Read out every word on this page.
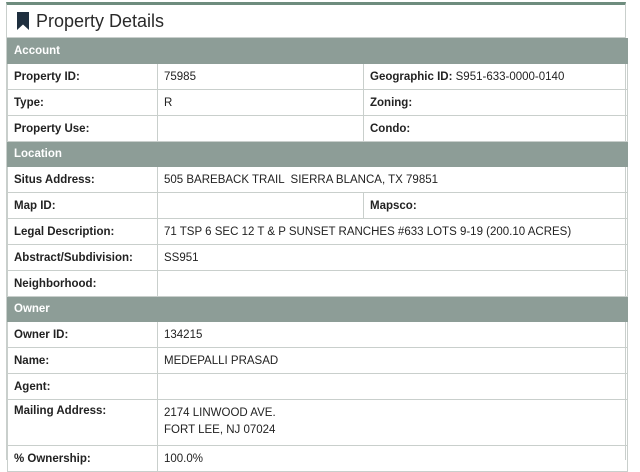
Property Details
Account		
Property ID:	75985	Geographic ID: S951-633-0000-0140
Type:	R	Zoning:
Property Use:		Condo:
Location		
Situs Address:	505 BAREBACK TRAIL  SIERRA BLANCA, TX 79851	
Map ID:		Mapsco:
Legal Description:	71 TSP 6 SEC 12 T & P SUNSET RANCHES #633 LOTS 9-19 (200.10 ACRES)	
Abstract/Subdivision:	SS951	
Neighborhood:		
Owner		
Owner ID:	134215	
Name:	MEDEPALLI PRASAD	
Agent:		
Mailing Address:	2174 LINWOOD AVE.
FORT LEE, NJ 07024	

% Ownership:	100.0%	
